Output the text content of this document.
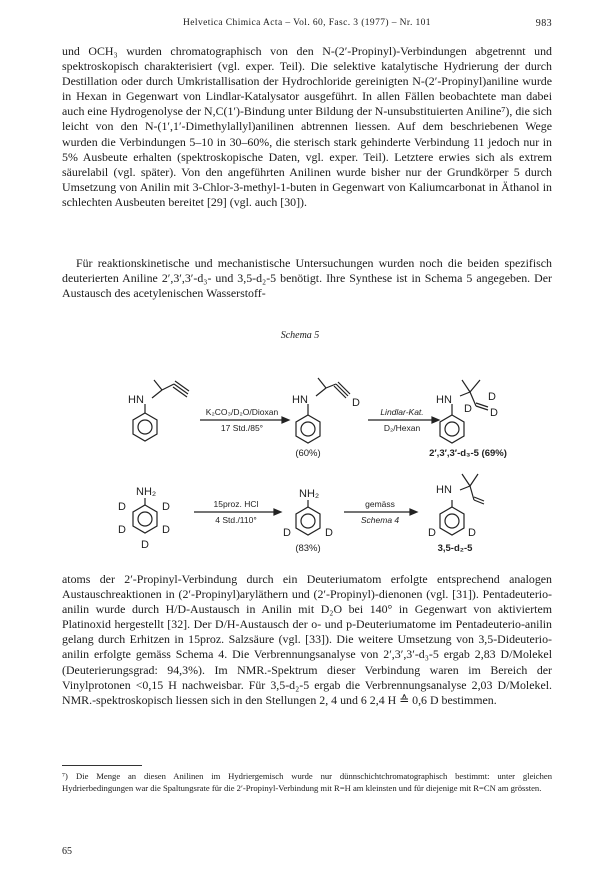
Helvetica Chimica Acta – Vol. 60, Fasc. 3 (1977) – Nr. 101	983

und OCH₃ wurden chromatographisch von den N-(2′-Propinyl)-Verbindungen abgetrennt und spektroskopisch charakterisiert (vgl. exper. Teil). Die selektive katalytische Hydrierung der durch Destillation oder durch Umkristallisation der Hydrochloride gereinigten N-(2′-Propinyl)aniline wurde in Hexan in Gegenwart von Lindlar-Katalysator ausgeführt. In allen Fällen beobachtete man dabei auch eine Hydrogenolyse der N,C(1′)-Bindung unter Bildung der N-unsubstituierten Aniline⁷), die sich leicht von den N-(1′,1′-Dimethylallyl)anilinen abtrennen liessen. Auf dem beschriebenen Wege wurden die Verbindungen 5–10 in 30–60%, die sterisch stark gehinderte Verbindung 11 jedoch nur in 5% Ausbeute erhalten (spektroskopische Daten, vgl. exper. Teil). Letztere erwies sich als extrem säurelabil (vgl. später). Von den angeführten Anilinen wurde bisher nur der Grundkörper 5 durch Umsetzung von Anilin mit 3-Chlor-3-methyl-1-buten in Gegenwart von Kaliumcarbonat in Äthanol in schlechten Ausbeuten bereitet [29] (vgl. auch [30]).

Für reaktionskinetische und mechanistische Untersuchungen wurden noch die beiden spezifisch deuterierten Aniline 2′,3′,3′-d₃- und 3,5-d₂-5 benötigt. Ihre Synthese ist in Schema 5 angegeben. Der Austausch des acetylenischen Wasserstoff-

Schema 5
HN	HN	D	HN	D
D D
NH₂
D	D
D	D
D
NH₂
D	D
HN
D	D
K₂CO₃/D₂O/Dioxan
17 Std./85°
Lindlar-Kat.
D₂/Hexan
15proz. HCl
4 Std./110°
gemäss
Schema 4
(60%)	2′,3′,3′-d₃-5 (69%)
(83%)	3,5-d₂-5

atoms der 2′-Propinyl-Verbindung durch ein Deuteriumatom erfolgte entsprechend analogen Austauschreaktionen in (2′-Propinyl)aryläthern und (2′-Propinyl)-dienonen (vgl. [31]). Pentadeuterio-anilin wurde durch H/D-Austausch in Anilin mit D₂O bei 140° in Gegenwart von aktiviertem Platinoxid hergestellt [32]. Der D/H-Austausch der o- und p-Deuteriumatome im Pentadeuterio-anilin gelang durch Erhitzen in 15proz. Salzsäure (vgl. [33]). Die weitere Umsetzung von 3,5-Dideuterio-anilin erfolgte gemäss Schema 4. Die Verbrennungsanalyse von 2′,3′,3′-d₃-5 ergab 2,83 D/Molekel (Deuterierungsgrad: 94,3%). Im NMR.-Spektrum dieser Verbindung waren im Bereich der Vinylprotonen <0,15 H nachweisbar. Für 3,5-d₂-5 ergab die Verbrennungsanalyse 2,03 D/Molekel. NMR.-spektroskopisch liessen sich in den Stellungen 2, 4 und 6 2,4 H ≙ 0,6 D bestimmen.

⁷) Die Menge an diesen Anilinen im Hydriergemisch wurde nur dünnschichtchromatographisch bestimmt: unter gleichen Hydrierbedingungen war die Spaltungsrate für die 2′-Propinyl-Verbindung mit R=H am kleinsten und für diejenige mit R=CN am grössten.

65
